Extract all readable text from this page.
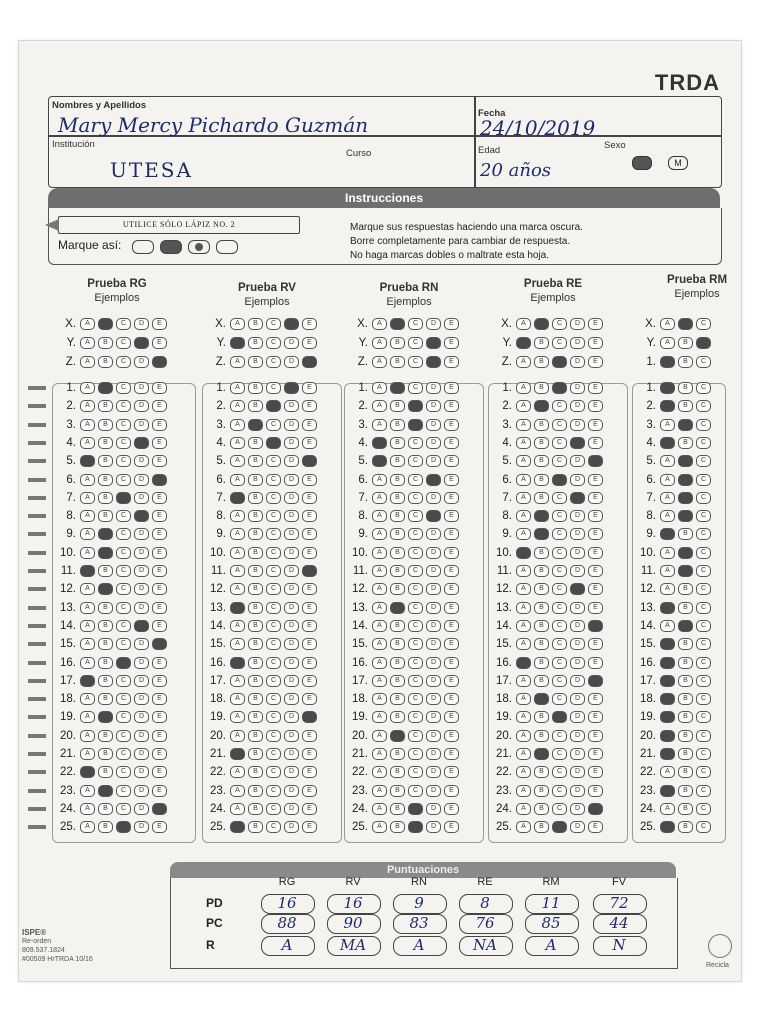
TRDA
Nombres y Apellidos
Mary Mercy Pichardo Guzmán	Fecha
24/10/2019
Institución
Curso
UTESA
Edad
20 años
Sexo
F	M
Instrucciones
UTILICE SÓLO LÁPIZ NO. 2
Marque así:
Marque sus respuestas haciendo una marca oscura.
Borre completamente para cambiar de respuesta.
No haga marcas dobles o maltrate esta hoja.
Prueba RG
Ejemplos
X.	A	B	C	D	E
Y.	A	B	C	D	E
Z.	A	B	C	D	E
1.	A	B	C	D	E
2.	A	B	C	D	E
3.	A	B	C	D	E
4.	A	B	C	D	E
5.	A	B	C	D	E
6.	A	B	C	D	E
7.	A	B	C	D	E
8.	A	B	C	D	E
9.	A	B	C	D	E
10.	A	B	C	D	E
11.	A	B	C	D	E
12.	A	B	C	D	E
13.	A	B	C	D	E
14.	A	B	C	D	E
15.	A	B	C	D	E
16.	A	B	C	D	E
17.	A	B	C	D	E
18.	A	B	C	D	E
19.	A	B	C	D	E
20.	A	B	C	D	E
21.	A	B	C	D	E
22.	A	B	C	D	E
23.	A	B	C	D	E
24.	A	B	C	D	E
25.	A	B	C	D	E
Prueba RV
Ejemplos
X.	A	B	C	D	E
Y.	A	B	C	D	E
Z.	A	B	C	D	E
1.	A	B	C	D	E
2.	A	B	C	D	E
3.	A	B	C	D	E
4.	A	B	C	D	E
5.	A	B	C	D	E
6.	A	B	C	D	E
7.	A	B	C	D	E
8.	A	B	C	D	E
9.	A	B	C	D	E
10.	A	B	C	D	E
11.	A	B	C	D	E
12.	A	B	C	D	E
13.	A	B	C	D	E
14.	A	B	C	D	E
15.	A	B	C	D	E
16.	A	B	C	D	E
17.	A	B	C	D	E
18.	A	B	C	D	E
19.	A	B	C	D	E
20.	A	B	C	D	E
21.	A	B	C	D	E
22.	A	B	C	D	E
23.	A	B	C	D	E
24.	A	B	C	D	E
25.	A	B	C	D	E
Prueba RN
Ejemplos
X.	A	B	C	D	E
Y.	A	B	C	D	E
Z.	A	B	C	D	E
1.	A	B	C	D	E
2.	A	B	C	D	E
3.	A	B	C	D	E
4.	A	B	C	D	E
5.	A	B	C	D	E
6.	A	B	C	D	E
7.	A	B	C	D	E
8.	A	B	C	D	E
9.	A	B	C	D	E
10.	A	B	C	D	E
11.	A	B	C	D	E
12.	A	B	C	D	E
13.	A	B	C	D	E
14.	A	B	C	D	E
15.	A	B	C	D	E
16.	A	B	C	D	E
17.	A	B	C	D	E
18.	A	B	C	D	E
19.	A	B	C	D	E
20.	A	B	C	D	E
21.	A	B	C	D	E
22.	A	B	C	D	E
23.	A	B	C	D	E
24.	A	B	C	D	E
25.	A	B	C	D	E
Prueba RE
Ejemplos
X.	A	B	C	D	E
Y.	A	B	C	D	E
Z.	A	B	C	D	E
1.	A	B	C	D	E
2.	A	B	C	D	E
3.	A	B	C	D	E
4.	A	B	C	D	E
5.	A	B	C	D	E
6.	A	B	C	D	E
7.	A	B	C	D	E
8.	A	B	C	D	E
9.	A	B	C	D	E
10.	A	B	C	D	E
11.	A	B	C	D	E
12.	A	B	C	D	E
13.	A	B	C	D	E
14.	A	B	C	D	E
15.	A	B	C	D	E
16.	A	B	C	D	E
17.	A	B	C	D	E
18.	A	B	C	D	E
19.	A	B	C	D	E
20.	A	B	C	D	E
21.	A	B	C	D	E
22.	A	B	C	D	E
23.	A	B	C	D	E
24.	A	B	C	D	E
25.	A	B	C	D	E
Prueba RM
Ejemplos
X.	A	B	C
Y.	A	B	C
1.	A	B	C
1.	A	B	C
2.	A	B	C
3.	A	B	C
4.	A	B	C
5.	A	B	C
6.	A	B	C
7.	A	B	C
8.	A	B	C
9.	A	B	C
10.	A	B	C
11.	A	B	C
12.	A	B	C
13.	A	B	C
14.	A	B	C
15.	A	B	C
16.	A	B	C
17.	A	B	C
18.	A	B	C
19.	A	B	C
20.	A	B	C
21.	A	B	C
22.	A	B	C
23.	A	B	C
24.	A	B	C
25.	A	B	C
Puntuaciones
RG	RV	RN	RE	RM	FV
PD	16	16	9	8	11	72
PC	88	90	83	76	85	44
R	A	MA	A	NA	A	N
ISPE®
Re-orden
809.537.1824
#00509 HrTRDA 10/16
Recicla
